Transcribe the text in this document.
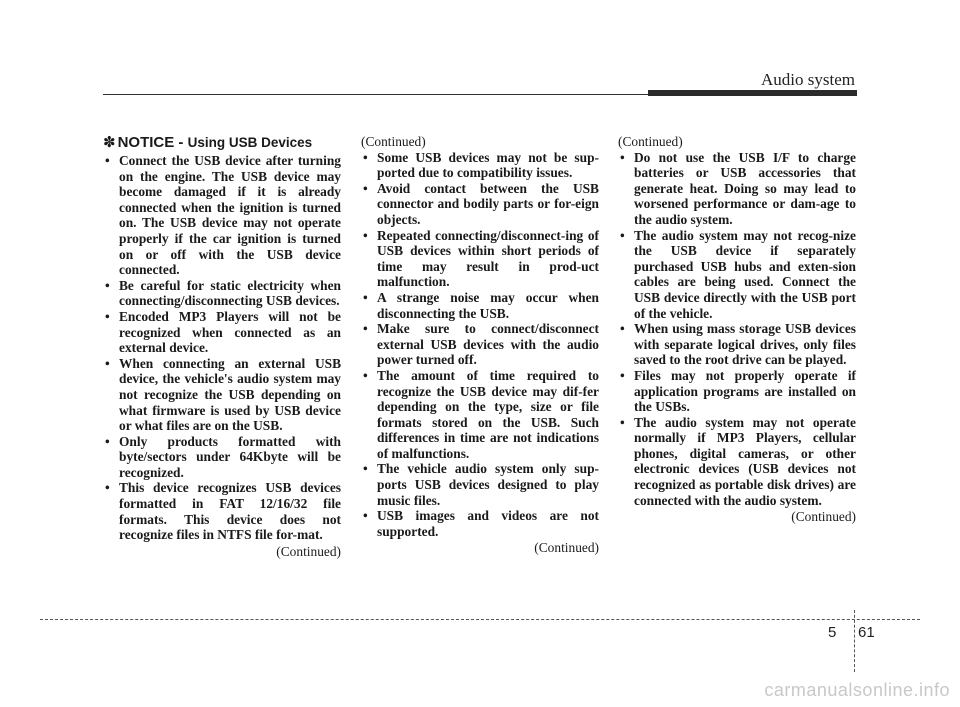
Audio system
✽ NOTICE - Using USB Devices
• Connect the USB device after turning on the engine. The USB device may become damaged if it is already connected when the ignition is turned on. The USB device may not operate properly if the car ignition is turned on or off with the USB device connected.
• Be careful for static electricity when connecting/disconnecting USB devices.
• Encoded MP3 Players will not be recognized when connected as an external device.
• When connecting an external USB device, the vehicle's audio system may not recognize the USB depending on what firmware is used by USB device or what files are on the USB.
• Only products formatted with byte/sectors under 64Kbyte will be recognized.
• This device recognizes USB devices formatted in FAT 12/16/32 file formats. This device does not recognize files in NTFS file for-mat.
(Continued)
(Continued)
• Some USB devices may not be sup-ported due to compatibility issues.
• Avoid contact between the USB connector and bodily parts or for-eign objects.
• Repeated connecting/disconnect-ing of USB devices within short periods of time may result in prod-uct malfunction.
• A strange noise may occur when disconnecting the USB.
• Make sure to connect/disconnect external USB devices with the audio power turned off.
• The amount of time required to recognize the USB device may dif-fer depending on the type, size or file formats stored on the USB. Such differences in time are not indications of malfunctions.
• The vehicle audio system only sup-ports USB devices designed to play music files.
• USB images and videos are not supported.
(Continued)
(Continued)
• Do not use the USB I/F to charge batteries or USB accessories that generate heat. Doing so may lead to worsened performance or dam-age to the audio system.
• The audio system may not recog-nize the USB device if separately purchased USB hubs and exten-sion cables are being used. Connect the USB device directly with the USB port of the vehicle.
• When using mass storage USB devices with separate logical drives, only files saved to the root drive can be played.
• Files may not properly operate if application programs are installed on the USBs.
• The audio system may not operate normally if MP3 Players, cellular phones, digital cameras, or other electronic devices (USB devices not recognized as portable disk drives) are connected with the audio system.
(Continued)
5 61
carmanualsonline.info
